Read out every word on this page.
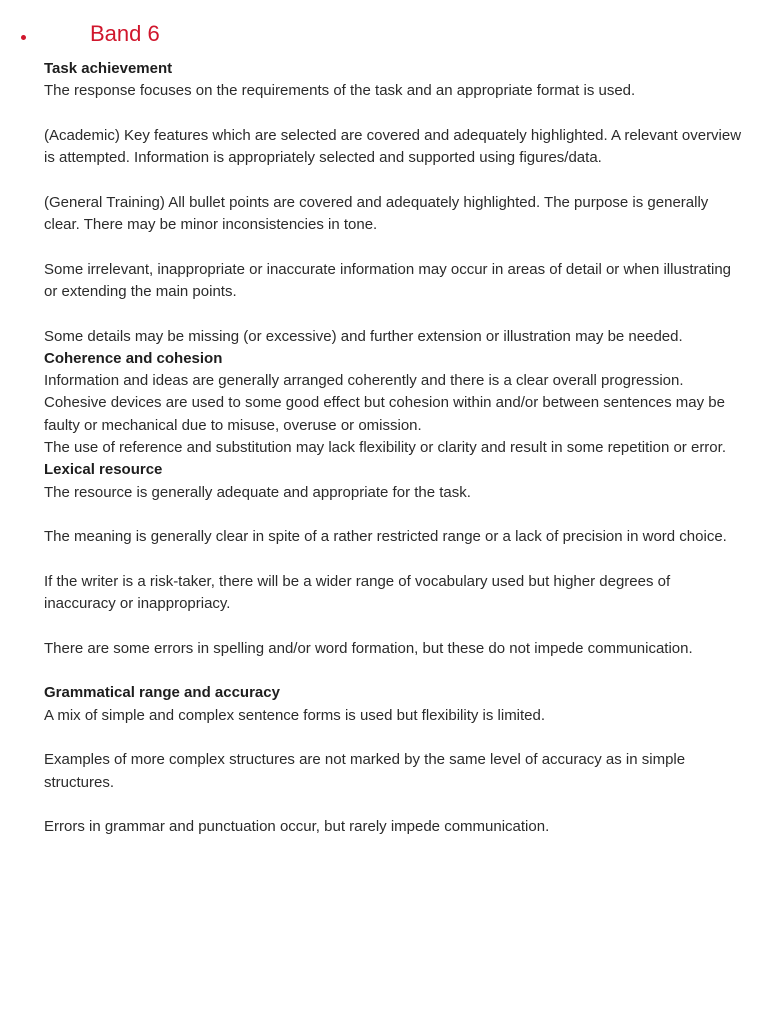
Band 6
Task achievement

The response focuses on the requirements of the task and an appropriate format is used.

(Academic) Key features which are selected are covered and adequately highlighted. A relevant overview is attempted. Information is appropriately selected and supported using figures/data.

(General Training) All bullet points are covered and adequately highlighted. The purpose is generally clear. There may be minor inconsistencies in tone.

Some irrelevant, inappropriate or inaccurate information may occur in areas of detail or when illustrating or extending the main points.

Some details may be missing (or excessive) and further extension or illustration may be needed.

Coherence and cohesion

Information and ideas are generally arranged coherently and there is a clear overall progression.

Cohesive devices are used to some good effect but cohesion within and/or between sentences may be faulty or mechanical due to misuse, overuse or omission.

The use of reference and substitution may lack flexibility or clarity and result in some repetition or error.

Lexical resource

The resource is generally adequate and appropriate for the task.

The meaning is generally clear in spite of a rather restricted range or a lack of precision in word choice.

If the writer is a risk-taker, there will be a wider range of vocabulary used but higher degrees of inaccuracy or inappropriacy.

There are some errors in spelling and/or word formation, but these do not impede communication.

Grammatical range and accuracy

A mix of simple and complex sentence forms is used but flexibility is limited.

Examples of more complex structures are not marked by the same level of accuracy as in simple structures.

Errors in grammar and punctuation occur, but rarely impede communication.
